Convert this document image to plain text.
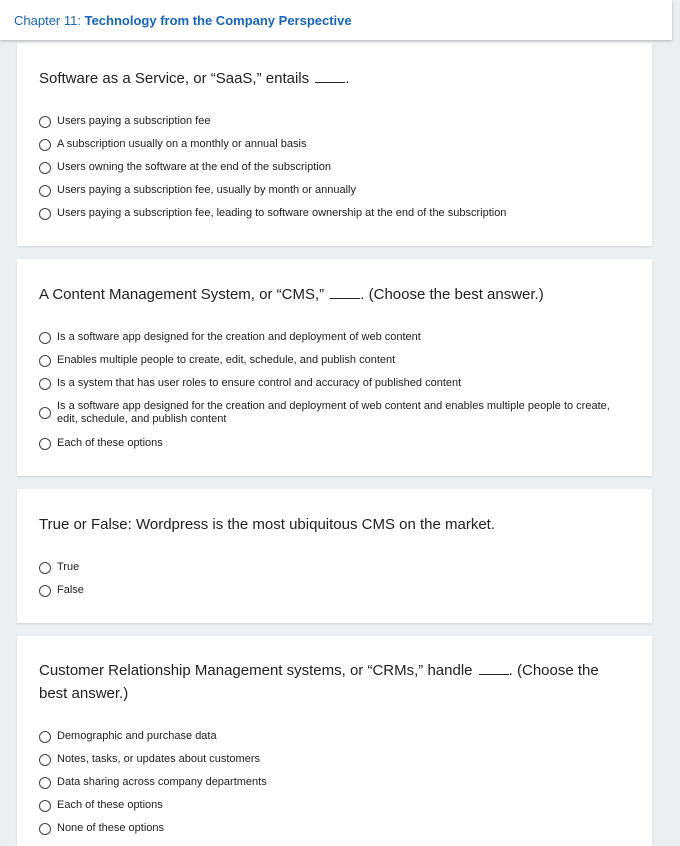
Chapter 11: Technology from the Company Perspective

Software as a Service, or “SaaS,” entails .

Users paying a subscription fee
A subscription usually on a monthly or annual basis
Users owning the software at the end of the subscription
Users paying a subscription fee, usually by month or annually
Users paying a subscription fee, leading to software ownership at the end of the subscription

A Content Management System, or “CMS,” . (Choose the best answer.)

Is a software app designed for the creation and deployment of web content
Enables multiple people to create, edit, schedule, and publish content
Is a system that has user roles to ensure control and accuracy of published content
Is a software app designed for the creation and deployment of web content and enables multiple people to create, edit, schedule, and publish content
Each of these options

True or False: Wordpress is the most ubiquitous CMS on the market.

True
False

Customer Relationship Management systems, or “CRMs,” handle . (Choose the best answer.)

Demographic and purchase data
Notes, tasks, or updates about customers
Data sharing across company departments
Each of these options
None of these options
